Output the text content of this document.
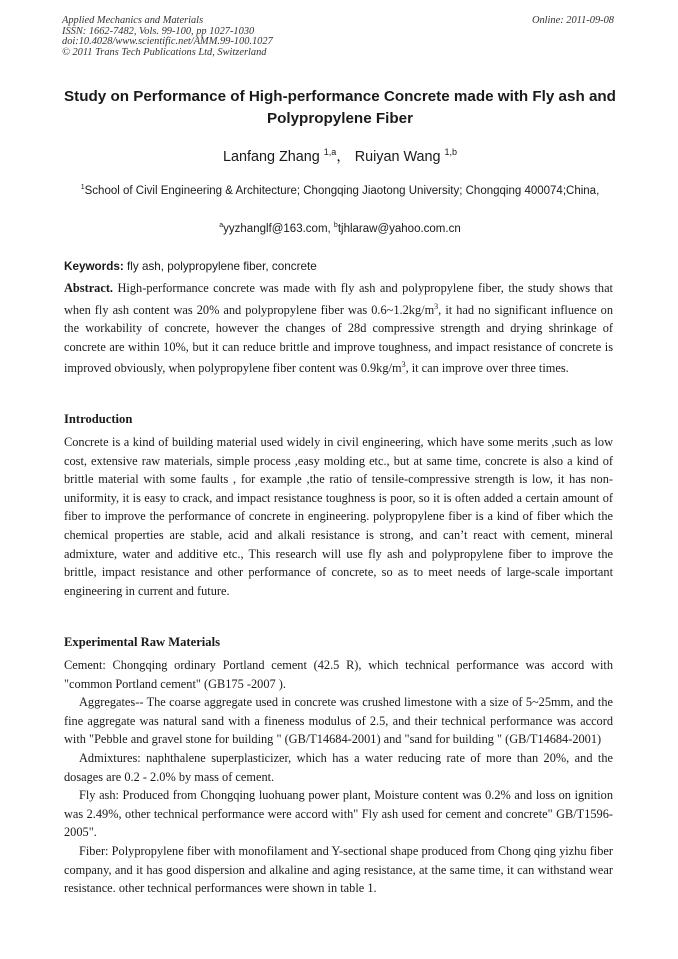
Applied Mechanics and Materials
ISSN: 1662-7482, Vols. 99-100, pp 1027-1030
doi:10.4028/www.scientific.net/AMM.99-100.1027
© 2011 Trans Tech Publications Ltd, Switzerland
Online: 2011-09-08
Study on Performance of High-performance Concrete made with Fly ash and Polypropylene Fiber
Lanfang Zhang $^{1,a}$， Ruiyan Wang $^{1,b}$
$^1$School of Civil Engineering & Architecture; Chongqing Jiaotong University; Chongqing 400074;China,
$^a$yyzhanglf@163.com, $^b$tjhlaraw@yahoo.com.cn
Keywords: fly ash, polypropylene fiber, concrete
Abstract. High-performance concrete was made with fly ash and polypropylene fiber, the study shows that when fly ash content was 20% and polypropylene fiber was $0.6\sim 1.2kg/m^3$, it had no significant influence on the workability of concrete, however the changes of 28d compressive strength and drying shrinkage of concrete are within 10%, but it can reduce brittle and improve toughness, and impact resistance of concrete is improved obviously, when polypropylene fiber content was $0.9kg/m^3$, it can improve over three times.
Introduction
Concrete is a kind of building material used widely in civil engineering, which have some merits ,such as low cost, extensive raw materials, simple process ,easy molding etc., but at same time, concrete is also a kind of brittle material with some faults , for example ,the ratio of tensile-compressive strength is low, it has non-uniformity, it is easy to crack, and impact resistance toughness is poor, so it is often added a certain amount of fiber to improve the performance of concrete in engineering. polypropylene fiber is a kind of fiber which the chemical properties are stable, acid and alkali resistance is strong, and can’t react with cement, mineral admixture, water and additive etc., This research will use fly ash and polypropylene fiber to improve the brittle, impact resistance and other performance of concrete, so as to meet needs of large-scale important engineering in current and future.
Experimental Raw Materials

Cement: Chongqing ordinary Portland cement (42.5 R), which technical performance was accord with "common Portland cement" (GB175 -2007 ).

Aggregates-- The coarse aggregate used in concrete was crushed limestone with a size of 5~25mm, and the fine aggregate was natural sand with a fineness modulus of 2.5, and their technical performance was accord with "Pebble and gravel stone for building " (GB/T14684-2001) and "sand for building " (GB/T14684-2001)

Admixtures: naphthalene superplasticizer, which has a water reducing rate of more than 20%, and the dosages are 0.2 - 2.0% by mass of cement.

Fly ash: Produced from Chongqing luohuang power plant, Moisture content was 0.2% and loss on ignition was 2.49%, other technical performance were accord with" Fly ash used for cement and concrete" GB/T1596-2005".

Fiber: Polypropylene fiber with monofilament and Y-sectional shape produced from Chong qing yizhu fiber company, and it has good dispersion and alkaline and aging resistance, at the same time, it can withstand wear resistance. other technical performances were shown in table 1.
